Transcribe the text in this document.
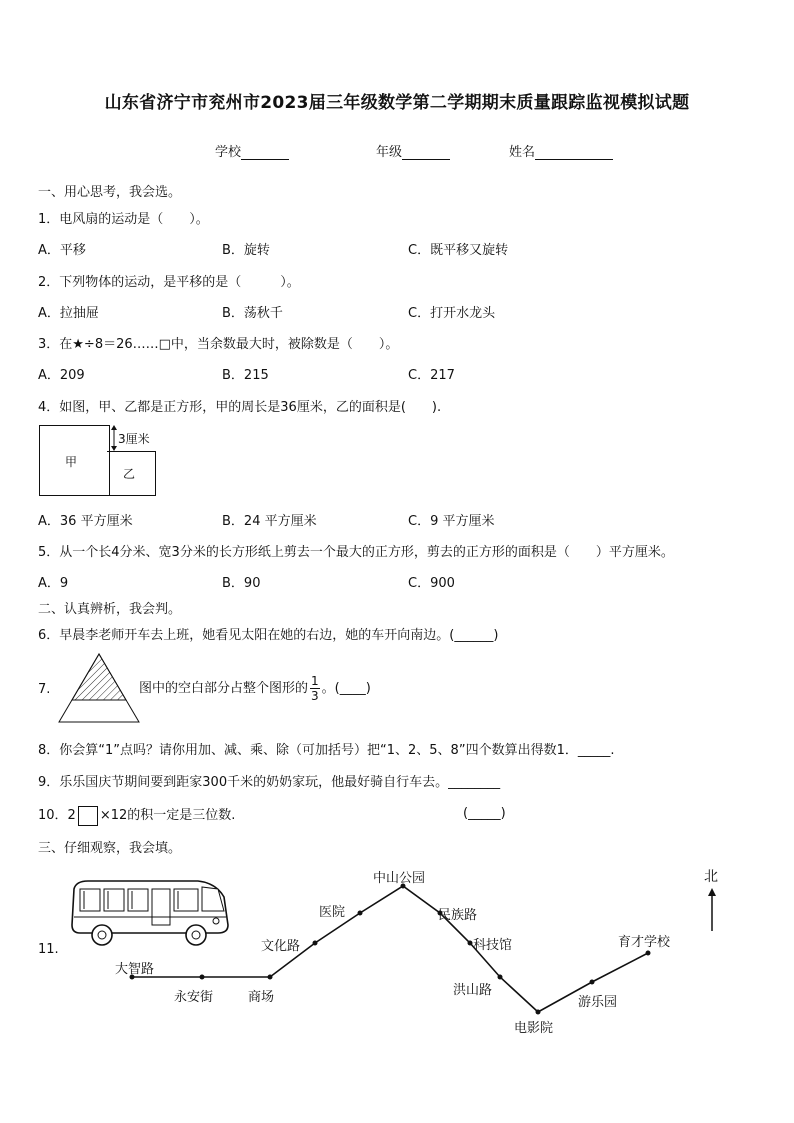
山东省济宁市兖州市2023届三年级数学第二学期期末质量跟踪监视模拟试题
学校	年级	姓名
一、用心思考，我会选。
1．电风扇的运动是（　　）。
A．平移	B．旋转	C．既平移又旋转
2．下列物体的运动，是平移的是（　　　）。
A．拉抽屉	B．荡秋千	C．打开水龙头
3．在★÷8＝26……□中，当余数最大时，被除数是（　　）。
A．209	B．215	C．217
4．如图，甲、乙都是正方形，甲的周长是36厘米，乙的面积是(　　).
甲
乙
3厘米
A．36 平方厘米	B．24 平方厘米	C．9 平方厘米
5．从一个长4分米、宽3分米的长方形纸上剪去一个最大的正方形，剪去的正方形的面积是（　　）平方厘米。
A．9	B．90	C．900
二、认真辨析，我会判。
6．早晨李老师开车去上班，她看见太阳在她的右边，她的车开向南边。(______)
7.	图中的空白部分占整个图形的 $\frac{1}{3}$ 。(____)
8．你会算“1”点吗？请你用加、减、乘、除（可加括号）把“1、2、5、8”四个数算出得数1．_____.
9．乐乐国庆节期间要到距家300千米的奶奶家玩，他最好骑自行车去。________
10．2 ×12的积一定是三位数.	(_____)
三、仔细观察，我会填。
11.
大智路
永安街	商场
文化路
医院
中山公园
民族路
科技馆
洪山路
电影院
游乐园
育才学校
北
